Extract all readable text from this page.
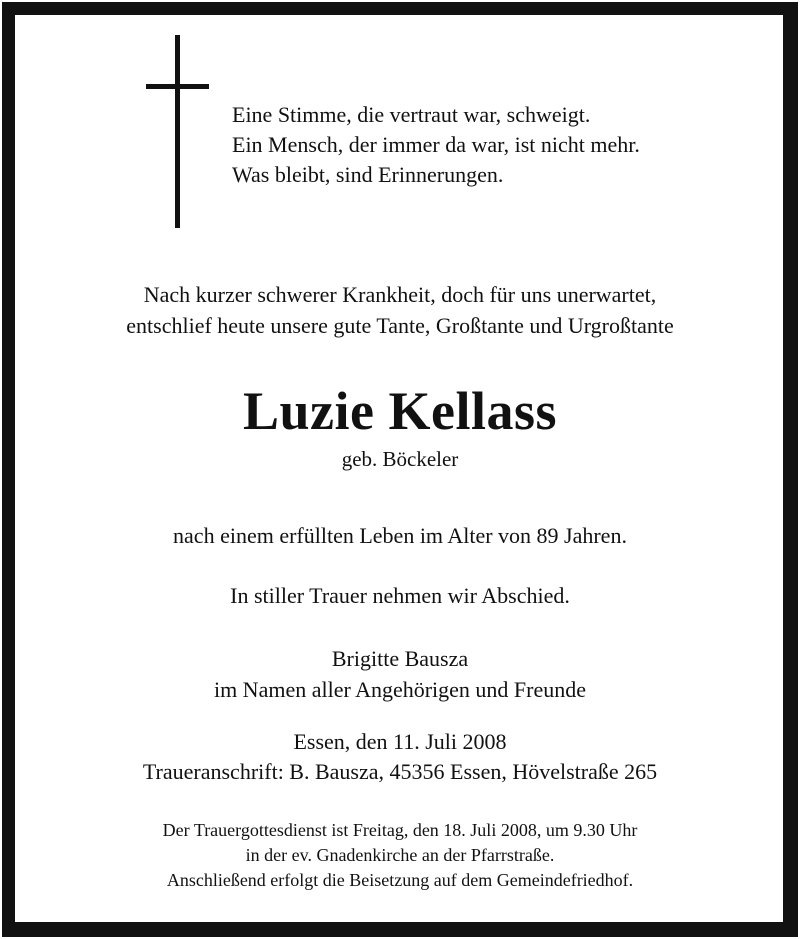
Eine Stimme, die vertraut war, schweigt.
Ein Mensch, der immer da war, ist nicht mehr.
Was bleibt, sind Erinnerungen.
Nach kurzer schwerer Krankheit, doch für uns unerwartet,
entschlief heute unsere gute Tante, Großtante und Urgroßtante
Luzie Kellass
geb. Böckeler
nach einem erfüllten Leben im Alter von 89 Jahren.
In stiller Trauer nehmen wir Abschied.
Brigitte Bausza
im Namen aller Angehörigen und Freunde
Essen, den 11. Juli 2008
Traueranschrift: B. Bausza, 45356 Essen, Hövelstraße 265
Der Trauergottesdienst ist Freitag, den 18. Juli 2008, um 9.30 Uhr
in der ev. Gnadenkirche an der Pfarrstraße.
Anschließend erfolgt die Beisetzung auf dem Gemeindefriedhof.
